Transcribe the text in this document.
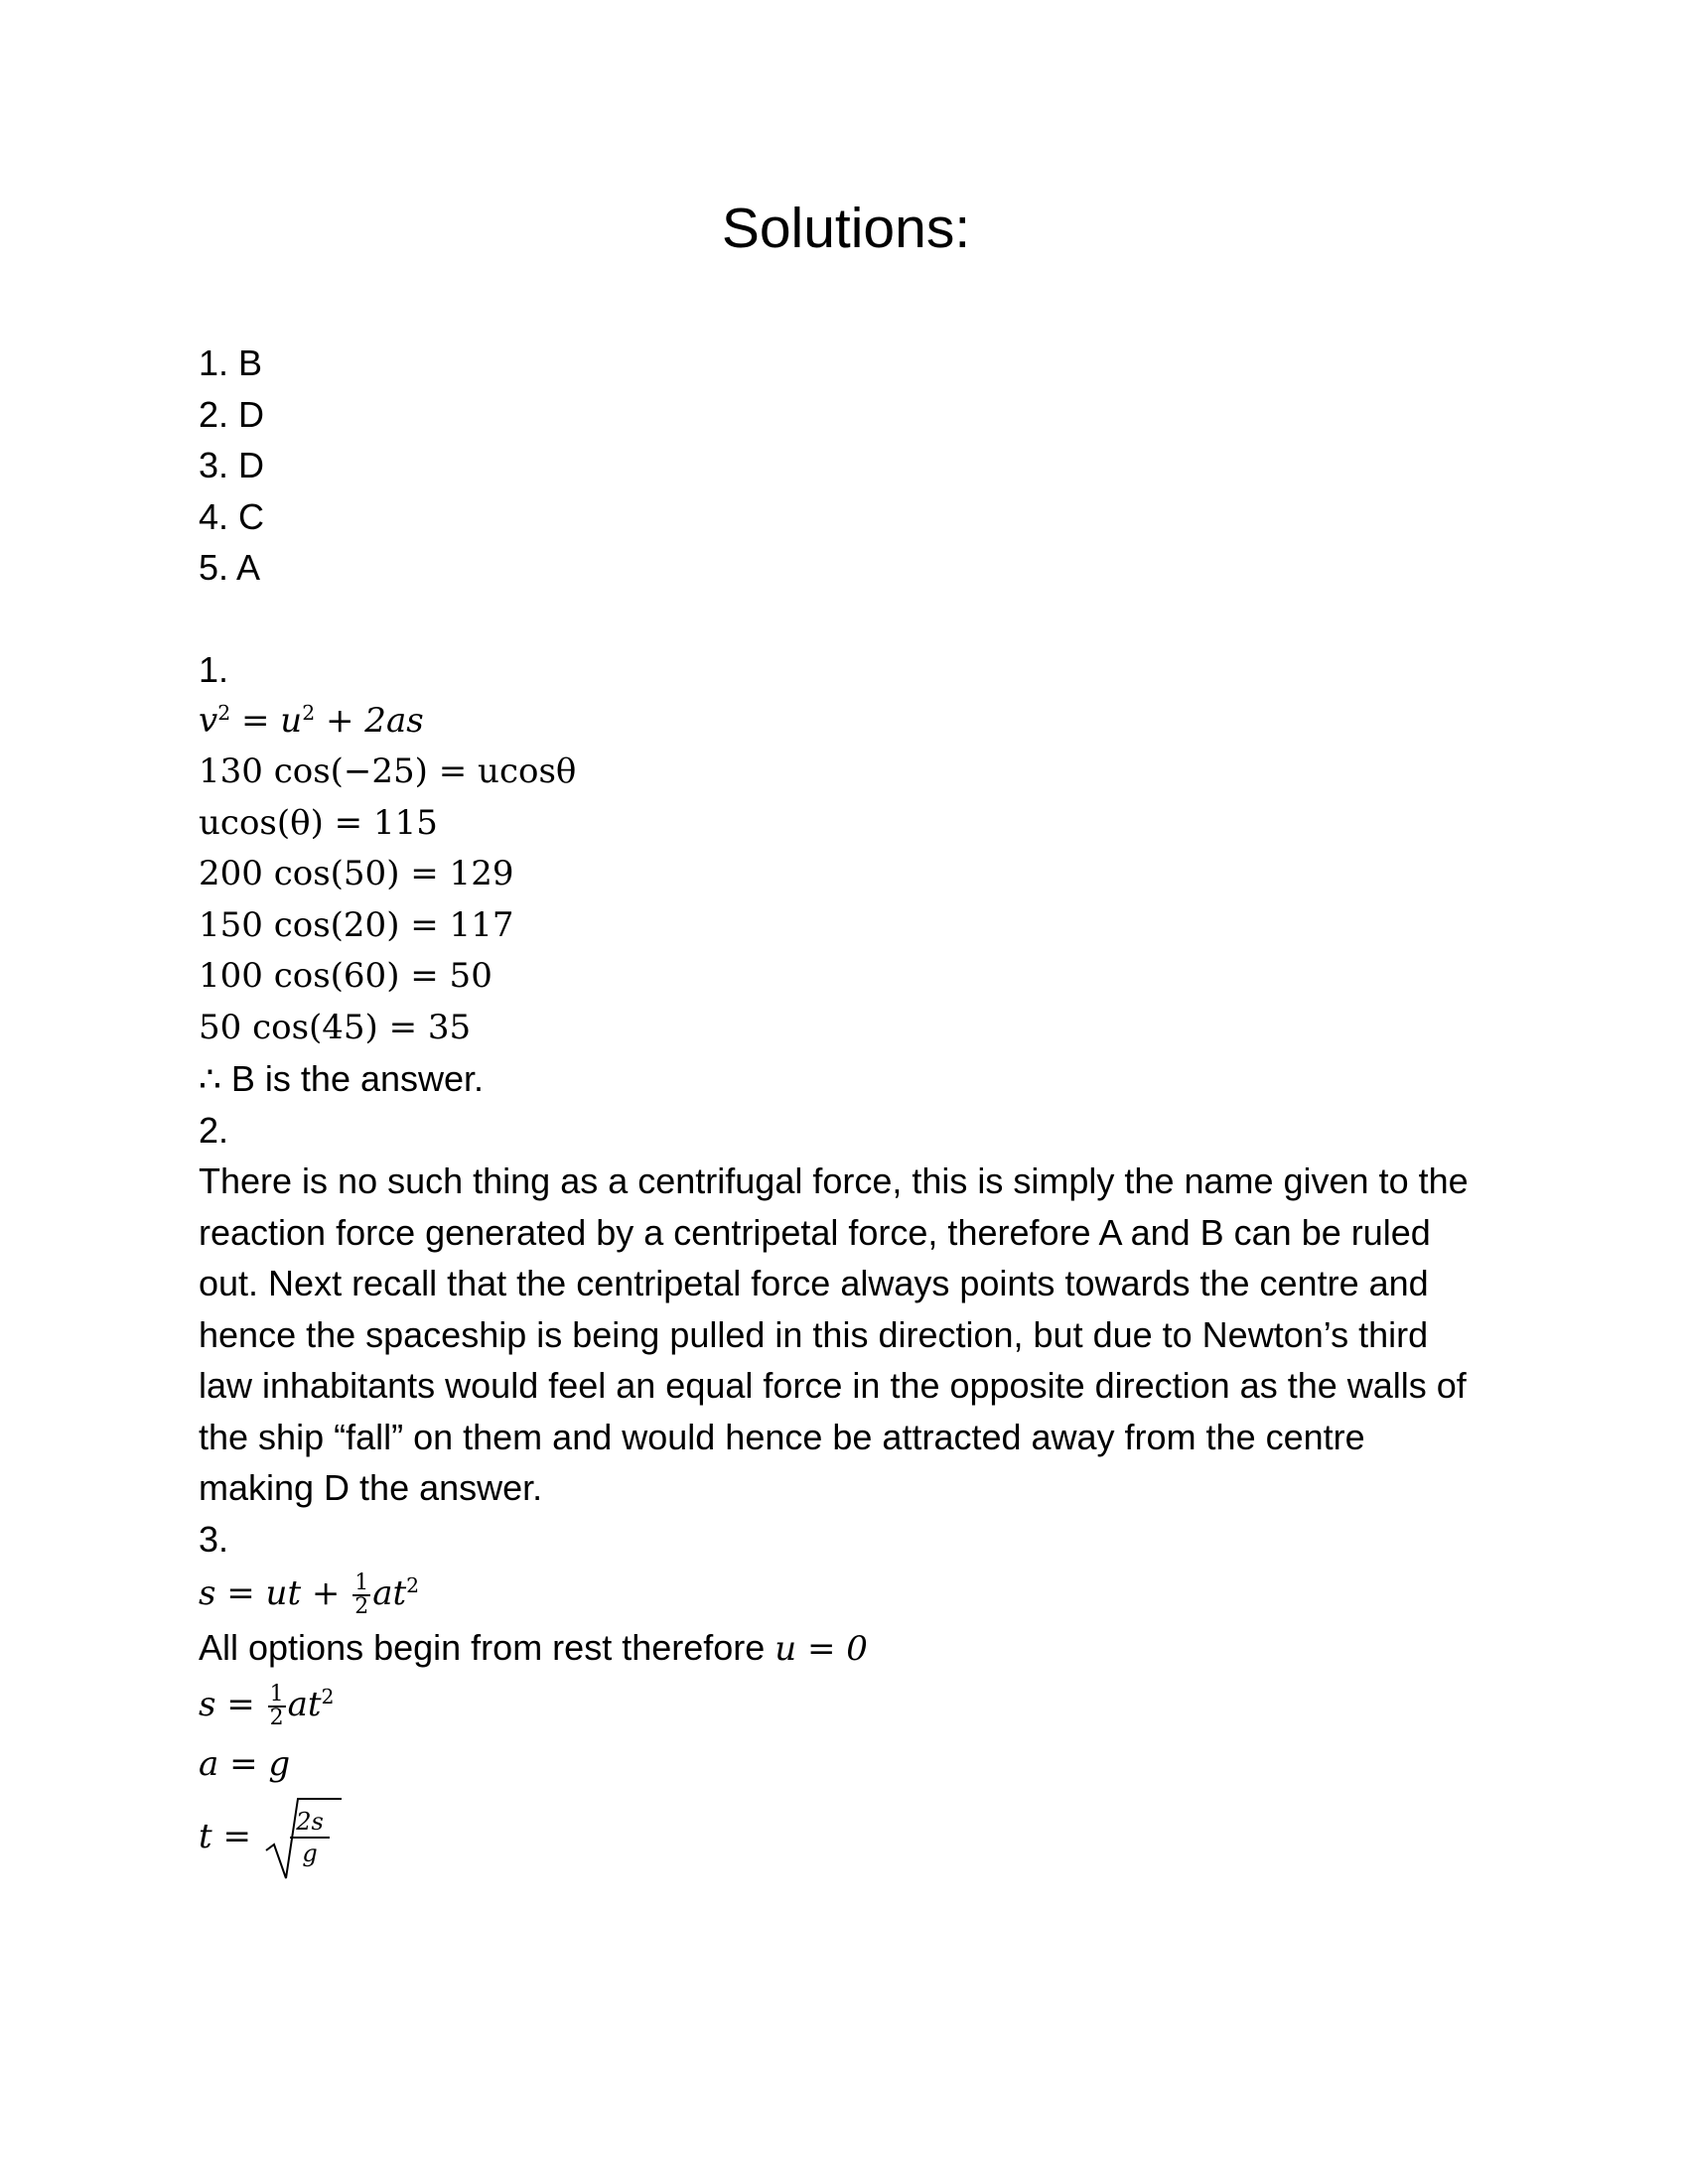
Solutions:
1. B
2. D
3. D
4. C
5. A
1.
$v^2 = u^2 + 2as$
130 cos(−25) = ucosθ
ucos(θ) = 115
200 cos(50) = 129
150 cos(20) = 117
100 cos(60) = 50
50 cos(45) = 35
∴ B is the answer.
2.
There is no such thing as a centrifugal force, this is simply the name given to the reaction force generated by a centripetal force, therefore A and B can be ruled out. Next recall that the centripetal force always points towards the centre and hence the spaceship is being pulled in this direction, but due to Newton’s third law inhabitants would feel an equal force in the opposite direction as the walls of the ship “fall” on them and would hence be attracted away from the centre making D the answer.
3.
s = ut + $\frac{1}{2} at^2$
All options begin from rest therefore u = 0
$s = \frac{1}{2} at^2$
a = g
$t = \frac{2s}{g}$
